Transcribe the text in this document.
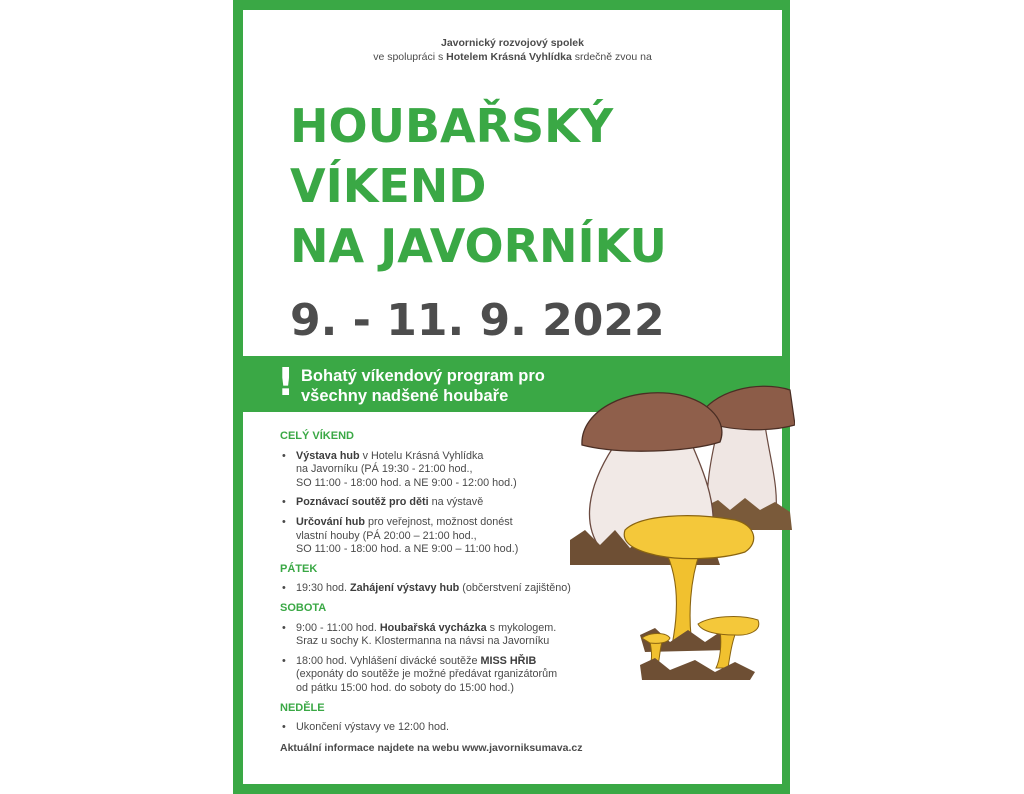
Javornický rozvojový spolek
ve spolupráci s Hotelem Krásná Vyhlídka srdečně zvou na
HOUBAŘSKÝ
VÍKEND
NA JAVORNÍKU
9. - 11. 9. 2022
! Bohatý víkendový program pro
všechny nadšené houbaře
CELÝ VÍKEND
• Výstava hub v Hotelu Krásná Vyhlídka
na Javorníku (PÁ 19:30 - 21:00 hod.,
SO 11:00 - 18:00 hod. a NE 9:00 - 12:00 hod.)
• Poznávací soutěž pro děti na výstavě
• Určování hub pro veřejnost, možnost donést
vlastní houby (PÁ 20:00 – 21:00 hod.,
SO 11:00 - 18:00 hod. a NE 9:00 – 11:00 hod.)
PÁTEK
• 19:30 hod. Zahájení výstavy hub (občerstvení zajištěno)
SOBOTA
• 9:00 - 11:00 hod. Houbařská vycházka s mykologem.
Sraz u sochy K. Klostermanna na návsi na Javorníku
• 18:00 hod. Vyhlášení divácké soutěže MISS HŘIB
(exponáty do soutěže je možné předávat rganizátorům
od pátku 15:00 hod. do soboty do 15:00 hod.)
NEDĚLE
• Ukončení výstavy ve 12:00 hod.
Aktuální informace najdete na webu www.javorniksumava.cz
